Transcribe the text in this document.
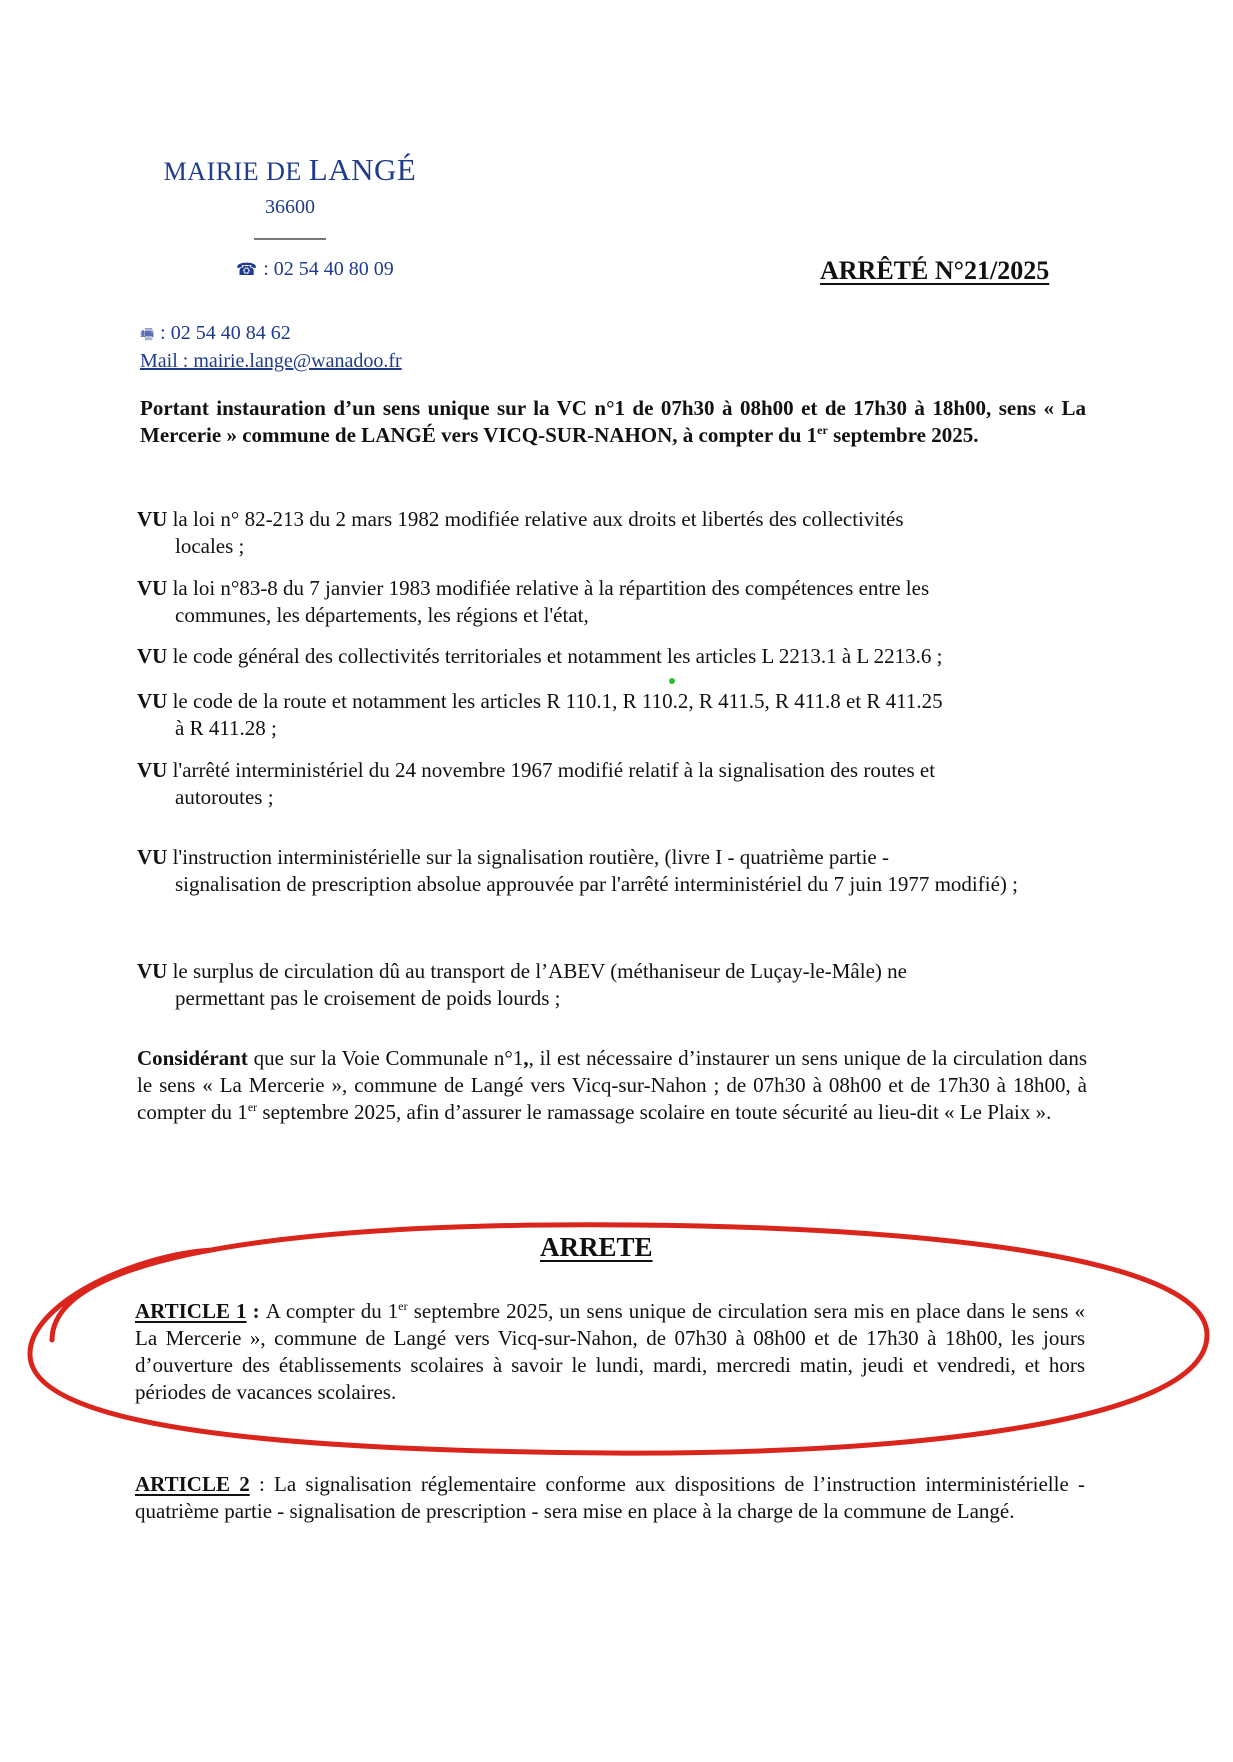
MAIRIE DE LANGÉ
36600
☎ : 02 54 40 80 09	ARRÊTÉ N°21/2025
🖷 : 02 54 40 84 62
Mail : mairie.lange@wanadoo.fr
Portant instauration d’un sens unique sur la VC n°1 de 07h30 à 08h00 et de 17h30 à 18h00, sens « La Mercerie » commune de LANGÉ vers VICQ-SUR-NAHON, à compter du 1er septembre 2025.
VU la loi n° 82-213 du 2 mars 1982 modifiée relative aux droits et libertés des collectivités
locales ;
VU la loi n°83-8 du 7 janvier 1983 modifiée relative à la répartition des compétences entre les
communes, les départements, les régions et l'état,
VU le code général des collectivités territoriales et notamment les articles L 2213.1 à L 2213.6 ;
VU le code de la route et notamment les articles R 110.1, R 110.2, R 411.5, R 411.8 et R 411.25
à R 411.28 ;
VU l'arrêté interministériel du 24 novembre 1967 modifié relatif à la signalisation des routes et
autoroutes ;
VU l'instruction interministérielle sur la signalisation routière, (livre I - quatrième partie -
signalisation de prescription absolue approuvée par l'arrêté interministériel du 7 juin 1977 modifié) ;
VU le surplus de circulation dû au transport de l’ABEV (méthaniseur de Luçay-le-Mâle) ne
permettant pas le croisement de poids lourds ;
Considérant que sur la Voie Communale n°1,, il est nécessaire d’instaurer un sens unique de la circulation dans le sens « La Mercerie », commune de Langé vers Vicq-sur-Nahon ; de 07h30 à 08h00 et de 17h30 à 18h00, à compter du 1er septembre 2025, afin d’assurer le ramassage scolaire en toute sécurité au lieu-dit « Le Plaix ».
ARRETE
ARTICLE 1 : A compter du 1er septembre 2025, un sens unique de circulation sera mis en place dans le sens « La Mercerie », commune de Langé vers Vicq-sur-Nahon, de 07h30 à 08h00 et de 17h30 à 18h00, les jours d’ouverture des établissements scolaires à savoir le lundi, mardi, mercredi matin, jeudi et vendredi, et hors périodes de vacances scolaires.
ARTICLE 2 : La signalisation réglementaire conforme aux dispositions de l’instruction interministérielle - quatrième partie - signalisation de prescription - sera mise en place à la charge de la commune de Langé.
